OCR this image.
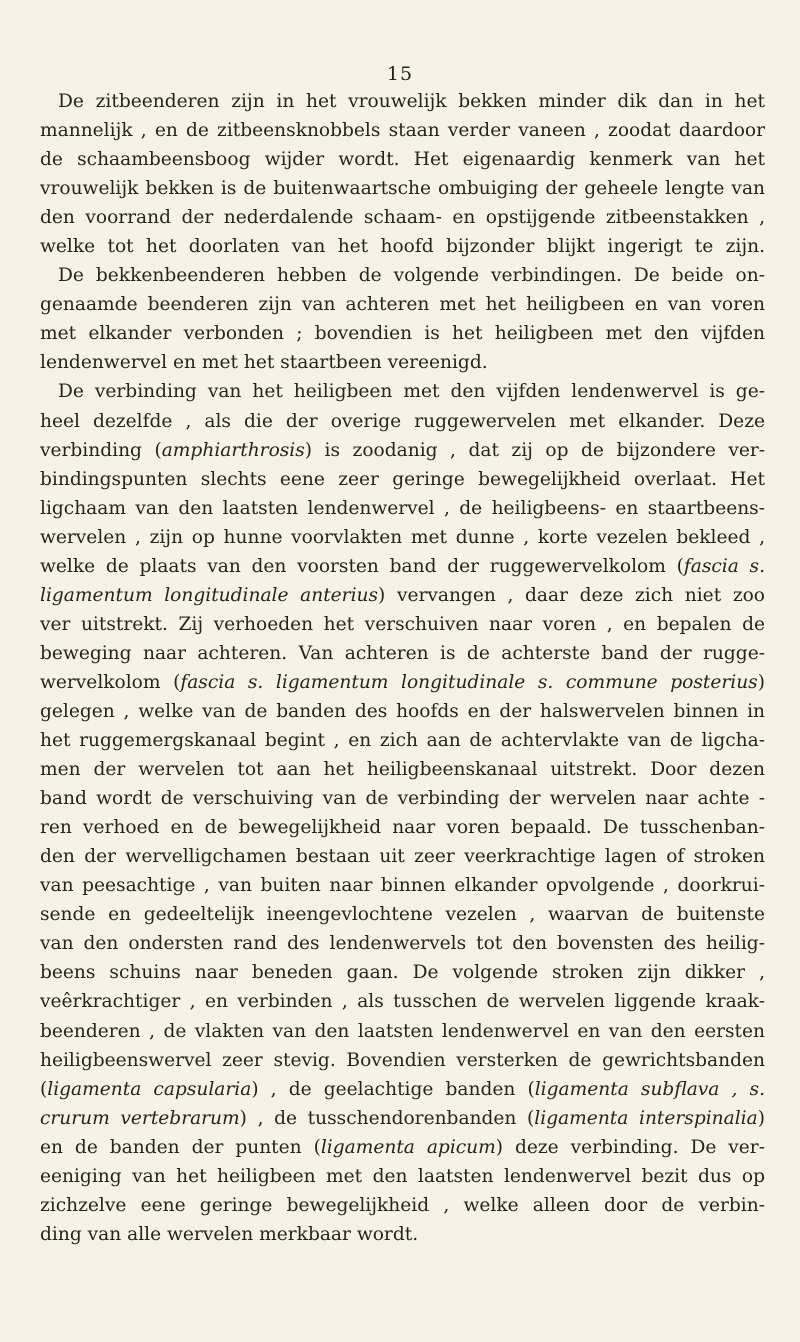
15
De zitbeenderen zijn in het vrouwelijk bekken minder dik dan in het
mannelijk , en de zitbeensknobbels staan verder vaneen , zoodat daardoor
de schaambeensboog wijder wordt. Het eigenaardig kenmerk van het
vrouwelijk bekken is de buitenwaartsche ombuiging der geheele lengte van
den voorrand der nederdalende schaam- en opstijgende zitbeenstakken ,
welke tot het doorlaten van het hoofd bijzonder blijkt ingerigt te zijn.
De bekkenbeenderen hebben de volgende verbindingen. De beide on-
genaamde beenderen zijn van achteren met het heiligbeen en van voren
met elkander verbonden ; bovendien is het heiligbeen met den vijfden
lendenwervel en met het staartbeen vereenigd.
De verbinding van het heiligbeen met den vijfden lendenwervel is ge-
heel dezelfde , als die der overige ruggewervelen met elkander. Deze
verbinding (amphiarthrosis) is zoodanig , dat zij op de bijzondere ver-
bindingspunten slechts eene zeer geringe bewegelijkheid overlaat. Het
ligchaam van den laatsten lendenwervel , de heiligbeens- en staartbeens-
wervelen , zijn op hunne voorvlakten met dunne , korte vezelen bekleed ,
welke de plaats van den voorsten band der ruggewervelkolom (fascia s.
ligamentum longitudinale anterius) vervangen , daar deze zich niet zoo
ver uitstrekt. Zij verhoeden het verschuiven naar voren , en bepalen de
beweging naar achteren. Van achteren is de achterste band der rugge-
wervelkolom (fascia s. ligamentum longitudinale s. commune posterius)
gelegen , welke van de banden des hoofds en der halswervelen binnen in
het ruggemergskanaal begint , en zich aan de achtervlakte van de ligcha-
men der wervelen tot aan het heiligbeenskanaal uitstrekt. Door dezen
band wordt de verschuiving van de verbinding der wervelen naar achte -
ren verhoed en de bewegelijkheid naar voren bepaald. De tusschenban-
den der wervelligchamen bestaan uit zeer veerkrachtige lagen of stroken
van peesachtige , van buiten naar binnen elkander opvolgende , doorkrui-
sende en gedeeltelijk ineengevlochtene vezelen , waarvan de buitenste
van den ondersten rand des lendenwervels tot den bovensten des heilig-
beens schuins naar beneden gaan. De volgende stroken zijn dikker ,
veêrkrachtiger , en verbinden , als tusschen de wervelen liggende kraak-
beenderen , de vlakten van den laatsten lendenwervel en van den eersten
heiligbeenswervel zeer stevig. Bovendien versterken de gewrichtsbanden
(ligamenta capsularia) , de geelachtige banden (ligamenta subflava , s.
crurum vertebrarum) , de tusschendorenbanden (ligamenta interspinalia)
en de banden der punten (ligamenta apicum) deze verbinding. De ver-
eeniging van het heiligbeen met den laatsten lendenwervel bezit dus op
zichzelve eene geringe bewegelijkheid , welke alleen door de verbin-
ding van alle wervelen merkbaar wordt.
